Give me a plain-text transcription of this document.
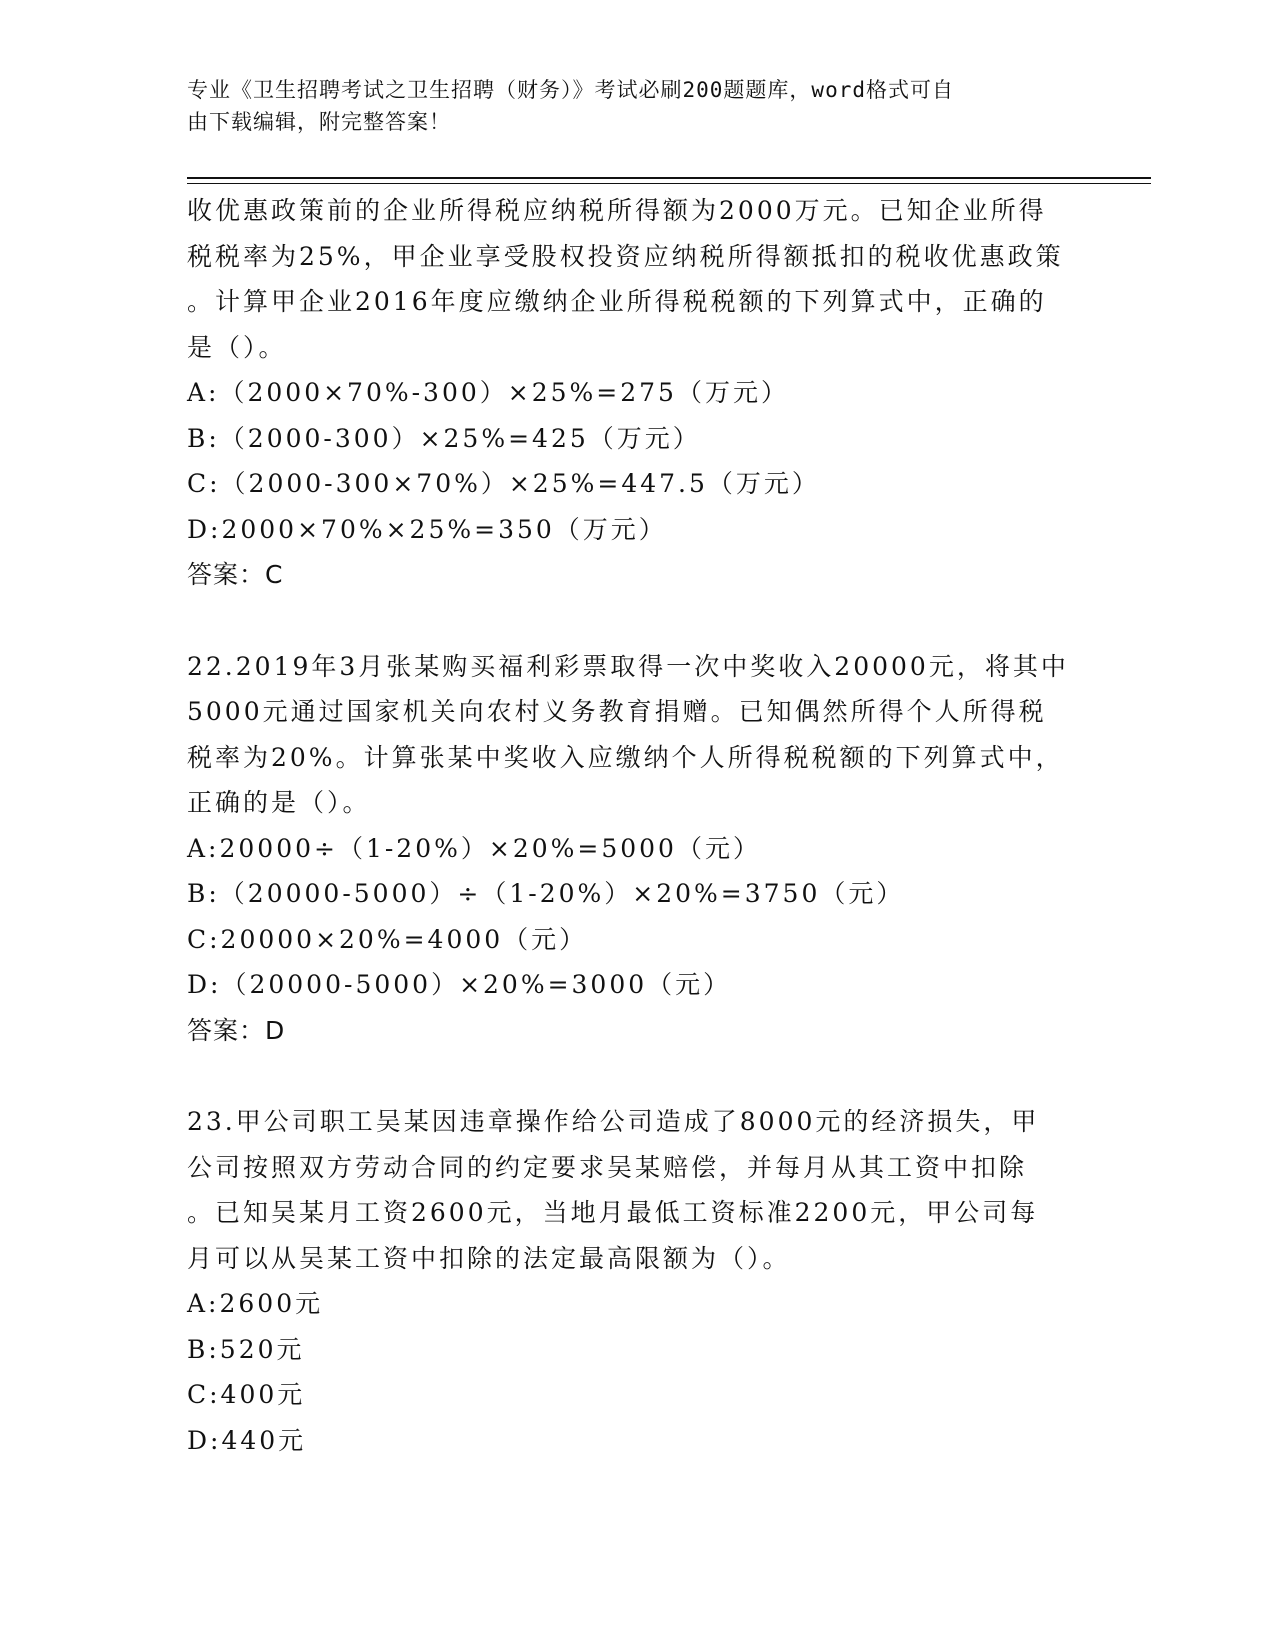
专业《卫生招聘考试之卫生招聘（财务）》考试必刷200题题库，word格式可自
由下载编辑，附完整答案！
收优惠政策前的企业所得税应纳税所得额为2000万元。已知企业所得
税税率为25%，甲企业享受股权投资应纳税所得额抵扣的税收优惠政策
。计算甲企业2016年度应缴纳企业所得税税额的下列算式中，正确的
是（）。
A:（2000×70%-300）×25%=275（万元）
B:（2000-300）×25%=425（万元）
C:（2000-300×70%）×25%=447.5（万元）
D:2000×70%×25%=350（万元）
答案：C
22.2019年3月张某购买福利彩票取得一次中奖收入20000元，将其中
5000元通过国家机关向农村义务教育捐赠。已知偶然所得个人所得税
税率为20%。计算张某中奖收入应缴纳个人所得税税额的下列算式中，
正确的是（）。
A:20000÷（1-20%）×20%=5000（元）
B:（20000-5000）÷（1-20%）×20%=3750（元）
C:20000×20%=4000（元）
D:（20000-5000）×20%=3000（元）
答案：D
23.甲公司职工吴某因违章操作给公司造成了8000元的经济损失，甲
公司按照双方劳动合同的约定要求吴某赔偿，并每月从其工资中扣除
。已知吴某月工资2600元，当地月最低工资标准2200元，甲公司每
月可以从吴某工资中扣除的法定最高限额为（）。
A:2600元
B:520元
C:400元
D:440元
